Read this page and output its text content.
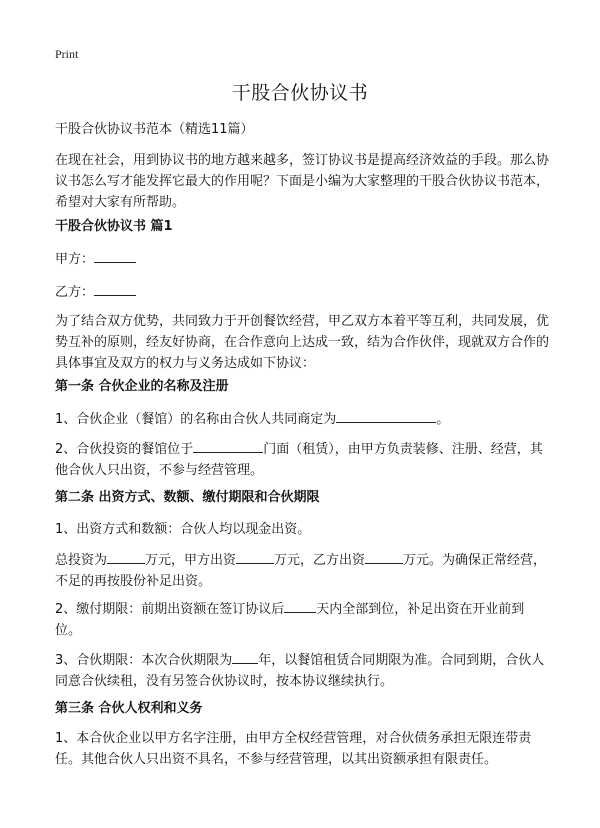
Print
干股合伙协议书

干股合伙协议书范本（精选11篇）

在现在社会，用到协议书的地方越来越多，签订协议书是提高经济效益的手段。那么协议书怎么写才能发挥它最大的作用呢？下面是小编为大家整理的干股合伙协议书范本，希望对大家有所帮助。

干股合伙协议书 篇1

甲方：

乙方：

为了结合双方优势，共同致力于开创餐饮经营，甲乙双方本着平等互利，共同发展，优势互补的原则，经友好协商，在合作意向上达成一致，结为合作伙伴，现就双方合作的具体事宜及双方的权力与义务达成如下协议：

第一条 合伙企业的名称及注册

1、合伙企业（餐馆）的名称由合伙人共同商定为	。

2、合伙投资的餐馆位于	门面（租赁），由甲方负责装修、注册、经营，其他合伙人只出资，不参与经营管理。

第二条 出资方式、数额、缴付期限和合伙期限

1、出资方式和数额：合伙人均以现金出资。

总投资为	万元，甲方出资	万元，乙方出资	万元。为确保正常经营，不足的再按股份补足出资。

2、缴付期限：前期出资额在签订协议后 天内全部到位，补足出资在开业前到位。

3、合伙期限：本次合伙期限为 年，以餐馆租赁合同期限为准。合同到期，合伙人同意合伙续租，没有另签合伙协议时，按本协议继续执行。

第三条 合伙人权利和义务

1、本合伙企业以甲方名字注册，由甲方全权经营管理，对合伙债务承担无限连带责任。其他合伙人只出资不具名，不参与经营管理，以其出资额承担有限责任。
